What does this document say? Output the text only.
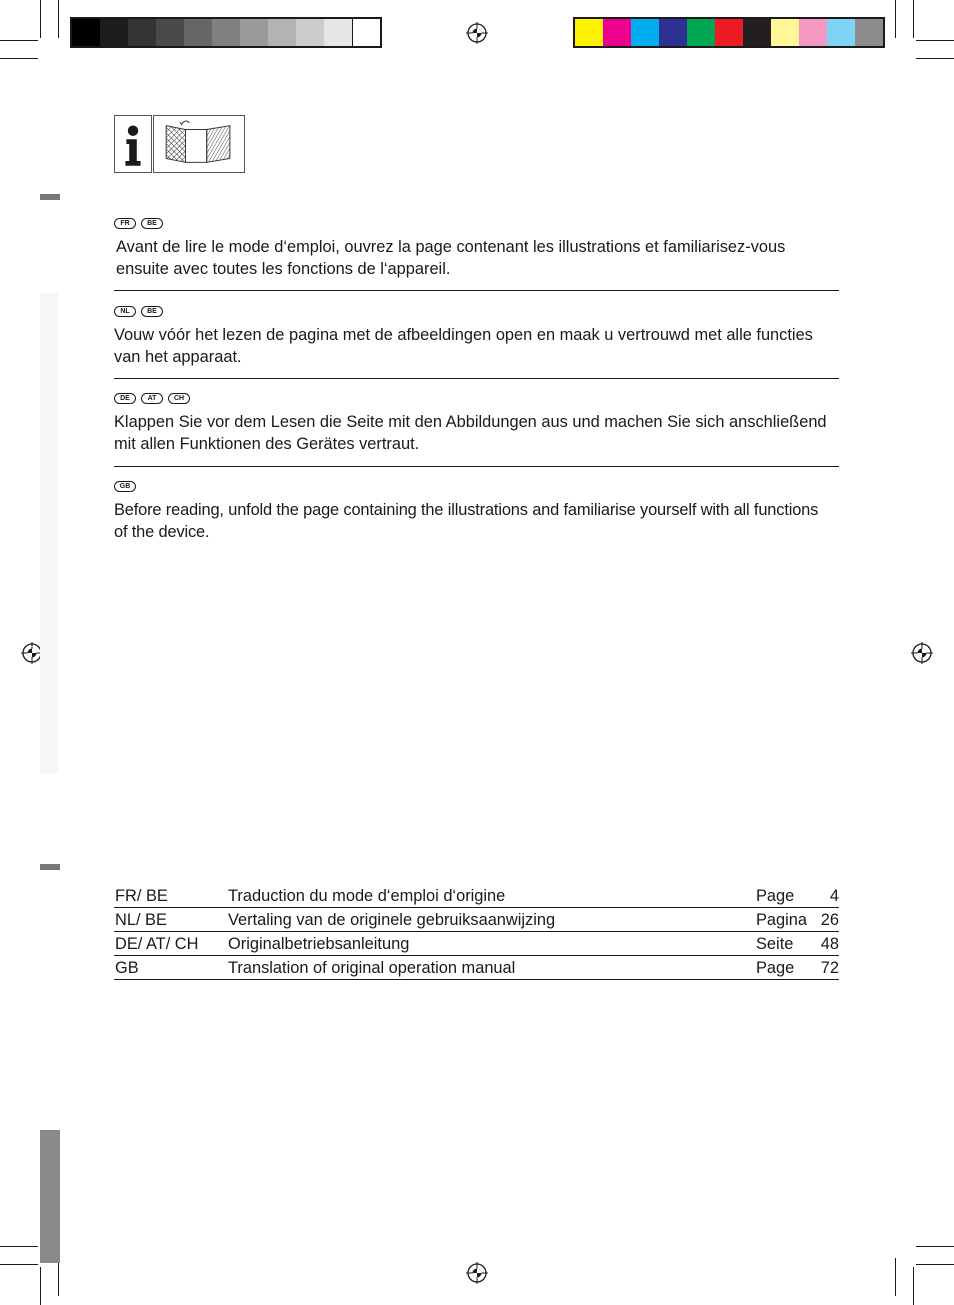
FR	BE

Avant de lire le mode d‘emploi, ouvrez la page contenant les illustrations et familiarisez-vous
ensuite avec toutes les fonctions de l‘appareil.

NL	BE

Vouw vóór het lezen de pagina met de afbeeldingen open en maak u vertrouwd met alle functies
van het apparaat.

DE	AT	CH

Klappen Sie vor dem Lesen die Seite mit den Abbildungen aus und machen Sie sich anschließend
mit allen Funktionen des Gerätes vertraut.

GB

Before reading, unfold the page containing the illustrations and familiarise yourself with all functions
of the device.

FR/ BE	Traduction du mode d‘emploi d‘origine	Page 4
NL/ BE	Vertaling van de originele gebruiksaanwijzing	Pagina 26
DE/ AT/ CH Originalbetriebsanleitung	Seite 48
GB	Translation of original operation manual	Page 72
